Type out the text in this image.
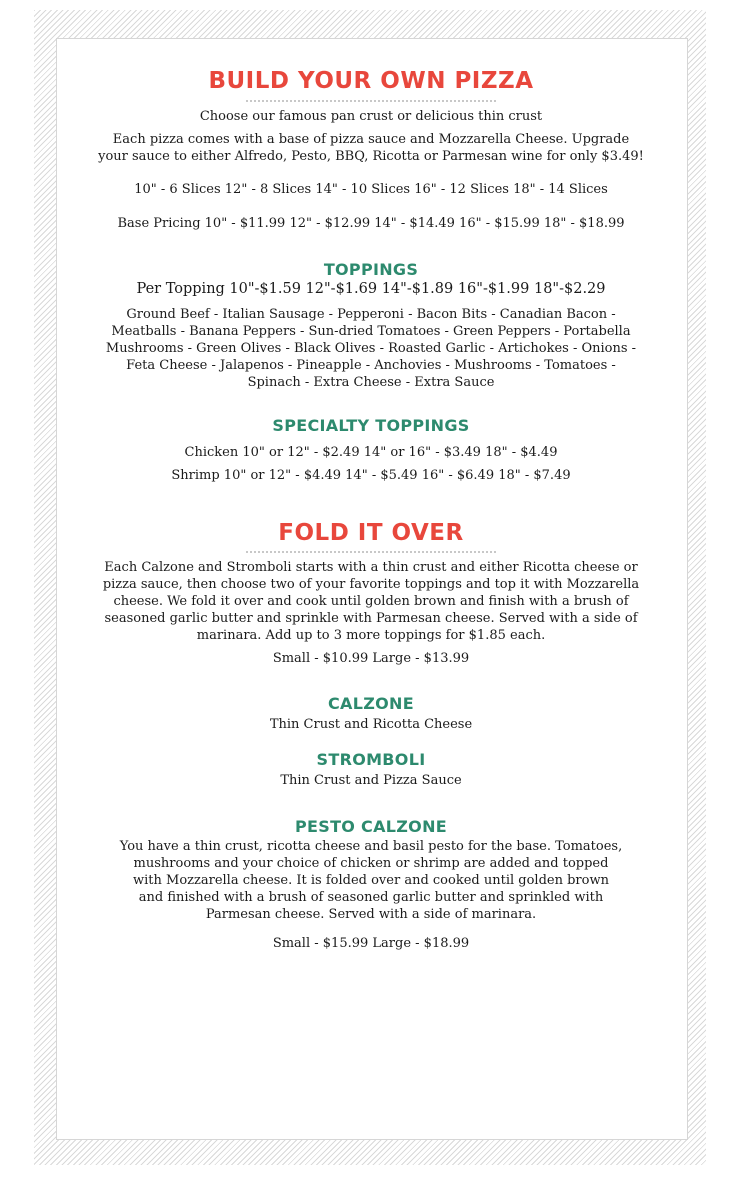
BUILD YOUR OWN PIZZA
Choose our famous pan crust or delicious thin crust
Each pizza comes with a base of pizza sauce and Mozzarella Cheese. Upgrade
your sauce to either Alfredo, Pesto, BBQ, Ricotta or Parmesan wine for only $3.49!
10" - 6 Slices 12" - 8 Slices 14" - 10 Slices 16" - 12 Slices 18" - 14 Slices
Base Pricing 10" - $11.99 12" - $12.99 14" - $14.49 16" - $15.99 18" - $18.99
TOPPINGS
Per Topping 10"-$1.59 12"-$1.69 14"-$1.89 16"-$1.99 18"-$2.29
Ground Beef - Italian Sausage - Pepperoni - Bacon Bits - Canadian Bacon -
Meatballs - Banana Peppers - Sun-dried Tomatoes - Green Peppers - Portabella
Mushrooms - Green Olives - Black Olives - Roasted Garlic - Artichokes - Onions -
Feta Cheese - Jalapenos - Pineapple - Anchovies - Mushrooms - Tomatoes -
Spinach - Extra Cheese - Extra Sauce
SPECIALTY TOPPINGS
Chicken 10" or 12" - $2.49 14" or 16" - $3.49 18" - $4.49
Shrimp 10" or 12" - $4.49 14" - $5.49 16" - $6.49 18" - $7.49
FOLD IT OVER
Each Calzone and Stromboli starts with a thin crust and either Ricotta cheese or
pizza sauce, then choose two of your favorite toppings and top it with Mozzarella
cheese. We fold it over and cook until golden brown and finish with a brush of
seasoned garlic butter and sprinkle with Parmesan cheese. Served with a side of
marinara. Add up to 3 more toppings for $1.85 each.
Small - $10.99 Large - $13.99
CALZONE
Thin Crust and Ricotta Cheese
STROMBOLI
Thin Crust and Pizza Sauce
PESTO CALZONE
You have a thin crust, ricotta cheese and basil pesto for the base. Tomatoes,
mushrooms and your choice of chicken or shrimp are added and topped
with Mozzarella cheese. It is folded over and cooked until golden brown
and finished with a brush of seasoned garlic butter and sprinkled with
Parmesan cheese. Served with a side of marinara.
Small - $15.99 Large - $18.99
